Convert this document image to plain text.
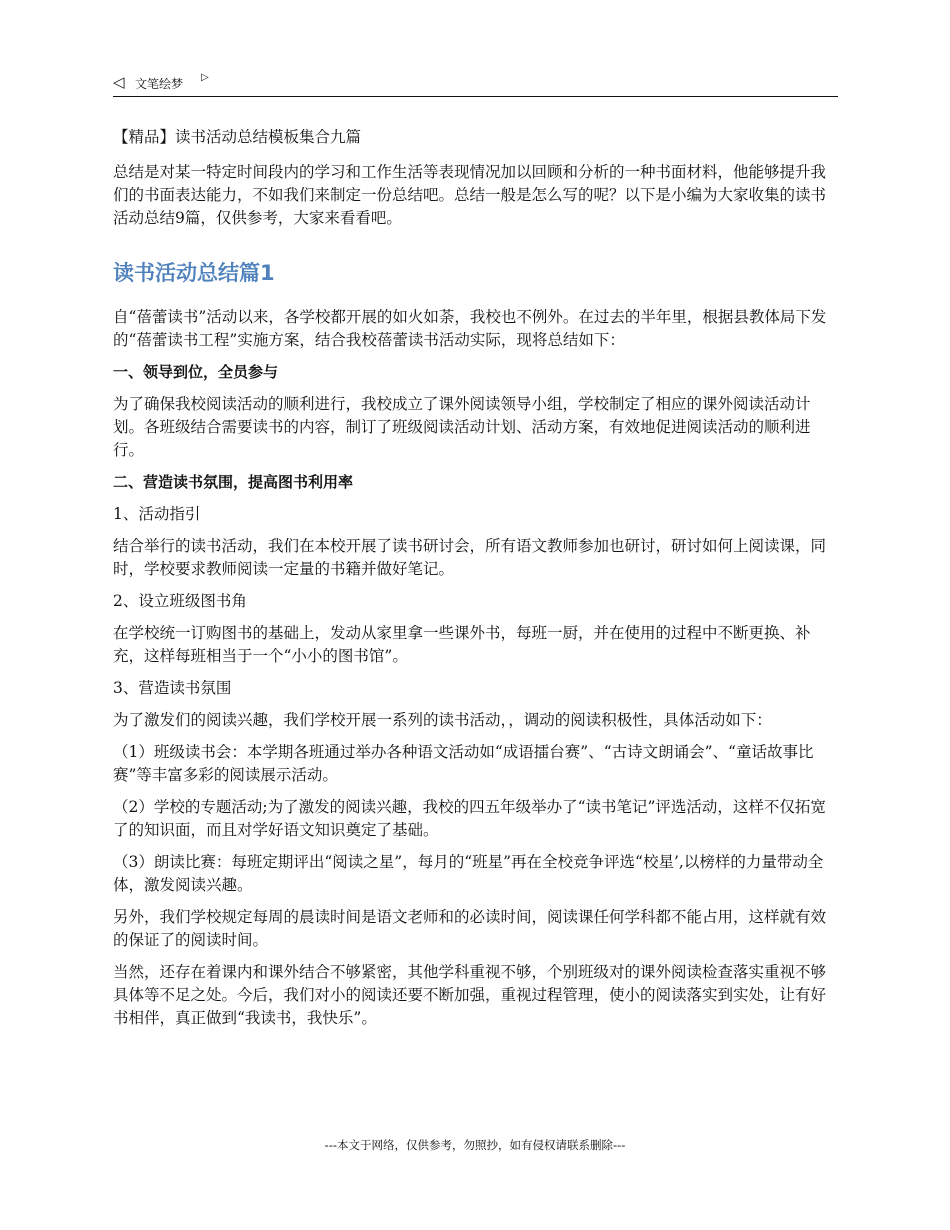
◁ 文笔绘梦 ▷

【精品】读书活动总结模板集合九篇

总结是对某一特定时间段内的学习和工作生活等表现情况加以回顾和分析的一种书面材料，他能够提升我们的书面表达能力，不如我们来制定一份总结吧。总结一般是怎么写的呢？以下是小编为大家收集的读书活动总结9篇，仅供参考，大家来看看吧。

读书活动总结篇1

自“蓓蕾读书”活动以来，各学校都开展的如火如荼，我校也不例外。在过去的半年里，根据县教体局下发的“蓓蕾读书工程”实施方案，结合我校蓓蕾读书活动实际，现将总结如下：

一、领导到位，全员参与

为了确保我校阅读活动的顺利进行，我校成立了课外阅读领导小组，学校制定了相应的课外阅读活动计划。各班级结合需要读书的内容，制订了班级阅读活动计划、活动方案，有效地促进阅读活动的顺利进行。

二、营造读书氛围，提高图书利用率

1、活动指引

结合举行的读书活动，我们在本校开展了读书研讨会，所有语文教师参加也研讨，研讨如何上阅读课，同时，学校要求教师阅读一定量的书籍并做好笔记。

2、设立班级图书角

在学校统一订购图书的基础上，发动从家里拿一些课外书，每班一厨，并在使用的过程中不断更换、补充，这样每班相当于一个“小小的图书馆”。

3、营造读书氛围

为了激发们的阅读兴趣，我们学校开展一系列的读书活动，，调动的阅读积极性，具体活动如下：

（1）班级读书会：本学期各班通过举办各种语文活动如“成语擂台赛”、“古诗文朗诵会”、“童话故事比赛”等丰富多彩的阅读展示活动。

（2）学校的专题活动;为了激发的阅读兴趣，我校的四五年级举办了“读书笔记”评选活动，这样不仅拓宽了的知识面，而且对学好语文知识奠定了基础。

（3）朗读比赛：每班定期评出“阅读之星”，每月的“班星”再在全校竞争评选“校星’,以榜样的力量带动全体，激发阅读兴趣。

另外，我们学校规定每周的晨读时间是语文老师和的必读时间，阅读课任何学科都不能占用，这样就有效的保证了的阅读时间。

当然，还存在着课内和课外结合不够紧密，其他学科重视不够，个别班级对的课外阅读检查落实重视不够具体等不足之处。今后，我们对小的阅读还要不断加强，重视过程管理，使小的阅读落实到实处，让有好书相伴，真正做到“我读书，我快乐”。

---本文于网络，仅供参考，勿照抄，如有侵权请联系删除---
